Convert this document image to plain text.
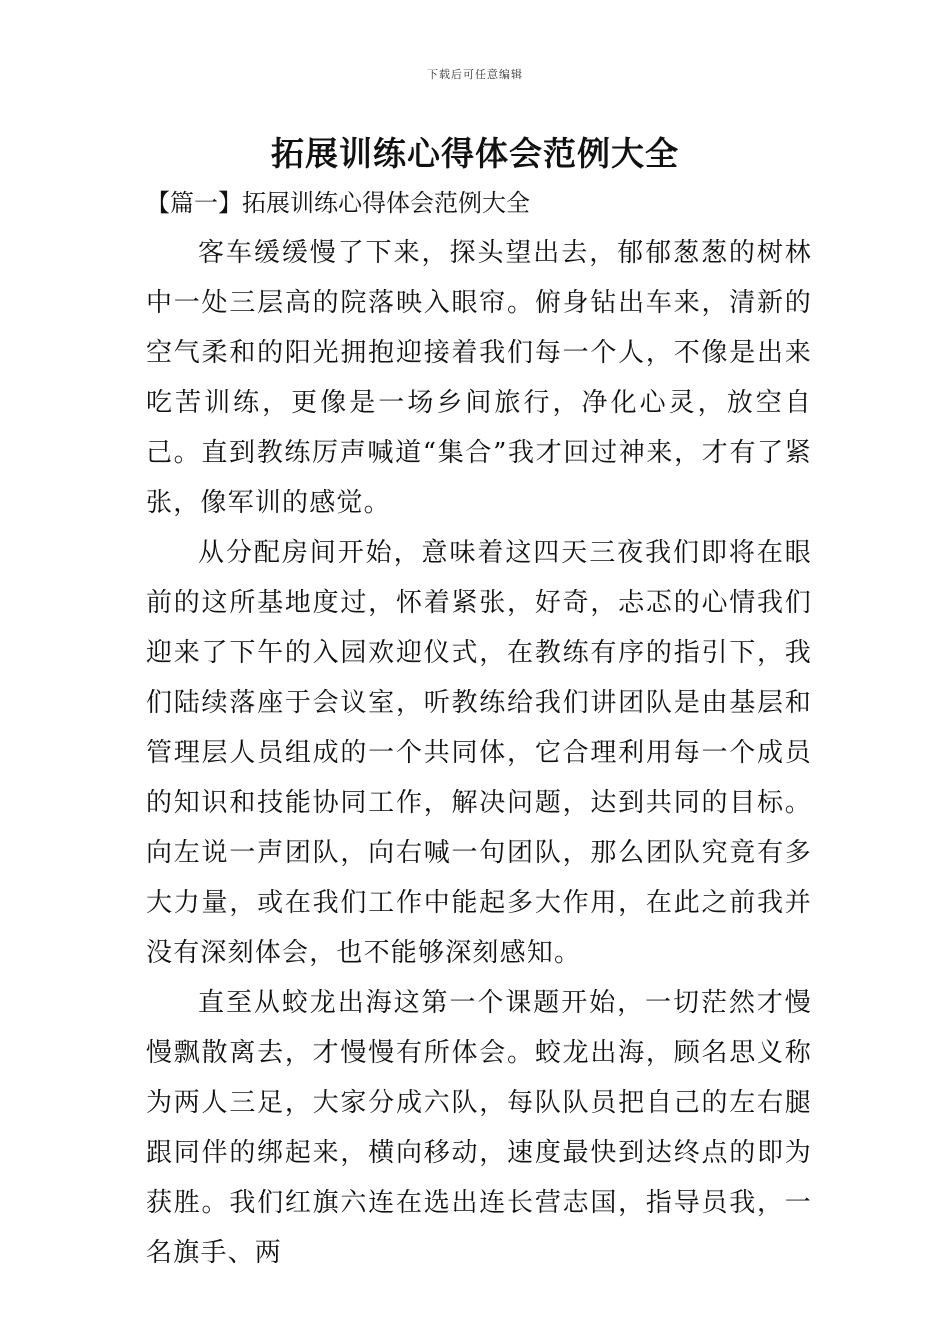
下载后可任意编辑
拓展训练心得体会范例大全
【篇一】拓展训练心得体会范例大全

客车缓缓慢了下来，探头望出去，郁郁葱葱的树林中一处三层高的院落映入眼帘。俯身钻出车来，清新的空气柔和的阳光拥抱迎接着我们每一个人，不像是出来吃苦训练，更像是一场乡间旅行，净化心灵，放空自己。直到教练厉声喊道“集合”我才回过神来，才有了紧张，像军训的感觉。

从分配房间开始，意味着这四天三夜我们即将在眼前的这所基地度过，怀着紧张，好奇，忐忑的心情我们迎来了下午的入园欢迎仪式，在教练有序的指引下，我们陆续落座于会议室，听教练给我们讲团队是由基层和管理层人员组成的一个共同体，它合理利用每一个成员的知识和技能协同工作，解决问题，达到共同的目标。向左说一声团队，向右喊一句团队，那么团队究竟有多大力量，或在我们工作中能起多大作用，在此之前我并没有深刻体会，也不能够深刻感知。

直至从蛟龙出海这第一个课题开始，一切茫然才慢慢飘散离去，才慢慢有所体会。蛟龙出海，顾名思义称为两人三足，大家分成六队，每队队员把自己的左右腿跟同伴的绑起来，横向移动，速度最快到达终点的即为获胜。我们红旗六连在选出连长营志国，指导员我，一名旗手、两
